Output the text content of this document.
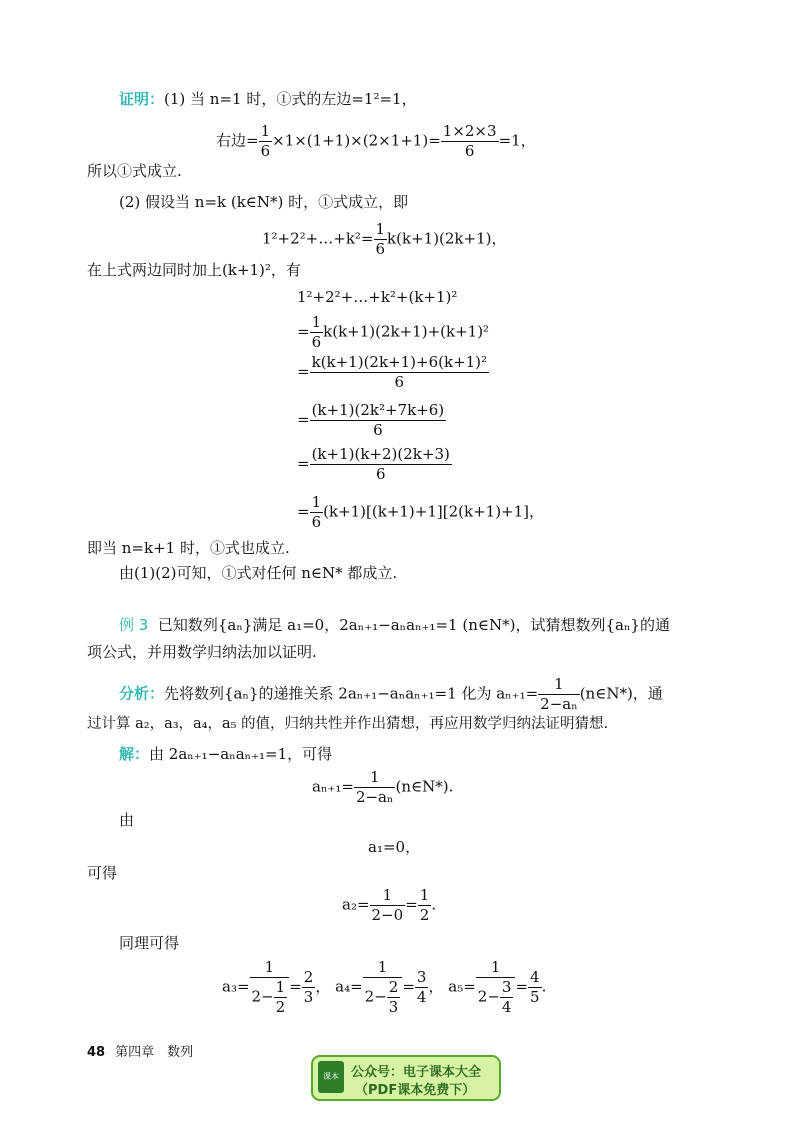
证明：(1) 当 n=1 时，①式的左边=1²=1，
右边= $\frac{1}{6} \times 1\times(1+1)\times(2\times 1+1)= \frac{1\times 2\times 3}{6} =1$，
所以①式成立.
(2) 假设当 n=k (k∈N*) 时，①式成立，即
1²+2²+…+k²= $\frac{1}{6} k(k+1)(2k+1)$，
在上式两边同时加上(k+1)²，有
1²+2²+…+k²+(k+1)²
= $\frac{1}{6} k(k+1)(2k+1)+(k+1)^2$
= $\frac{\text{k(k+1)(2k+1)+6(k+1)²}}{6}$
= $\frac{\text{(k+1)(2k²+7k+6)}}{6}$
= $\frac{(k+1)(k+2)(2k+3)}{6}$
= $\frac{1}{6} (k+1)[(k+1)+1][2(k+1)+1]$，
即当 n=k+1 时，①式也成立.
由(1)(2)可知，①式对任何 n∈N* 都成立.
例 3 已知数列{aₙ}满足 a₁=0，2aₙ₊₁−aₙaₙ₊₁=1 (n∈N*)，试猜想数列{aₙ}的通
项公式，并用数学归纳法加以证明.
分析：先将数列{aₙ}的递推关系 2aₙ₊₁−aₙaₙ₊₁=1 化为 $a_{n+1}= \frac{1}{\text{2−aₙ}}$ (n∈N*)，通
过计算 a₂，a₃，a₄，a₅ 的值，归纳共性并作出猜想，再应用数学归纳法证明猜想.
解：由 2aₙ₊₁−aₙaₙ₊₁=1，可得
$a_{n+1}= \frac{1}{\text{2−aₙ}}$ (n∈N*).
由
a₁=0，
可得
$a_2= \frac{1}{2-0} = \frac{1}{2}$ .
同理可得
$a_3= \frac{1}{2- \frac{1}{2}} = \frac{2}{3}$ ， $a_4= \frac{1}{2- \frac{2}{3}} = \frac{3}{4}$ ， $a_5= \frac{1}{2- \frac{3}{4}} = \frac{4}{5}$ .
48 第四章　数列
课本 公众号：电子课本大全
（PDF课本免费下）
